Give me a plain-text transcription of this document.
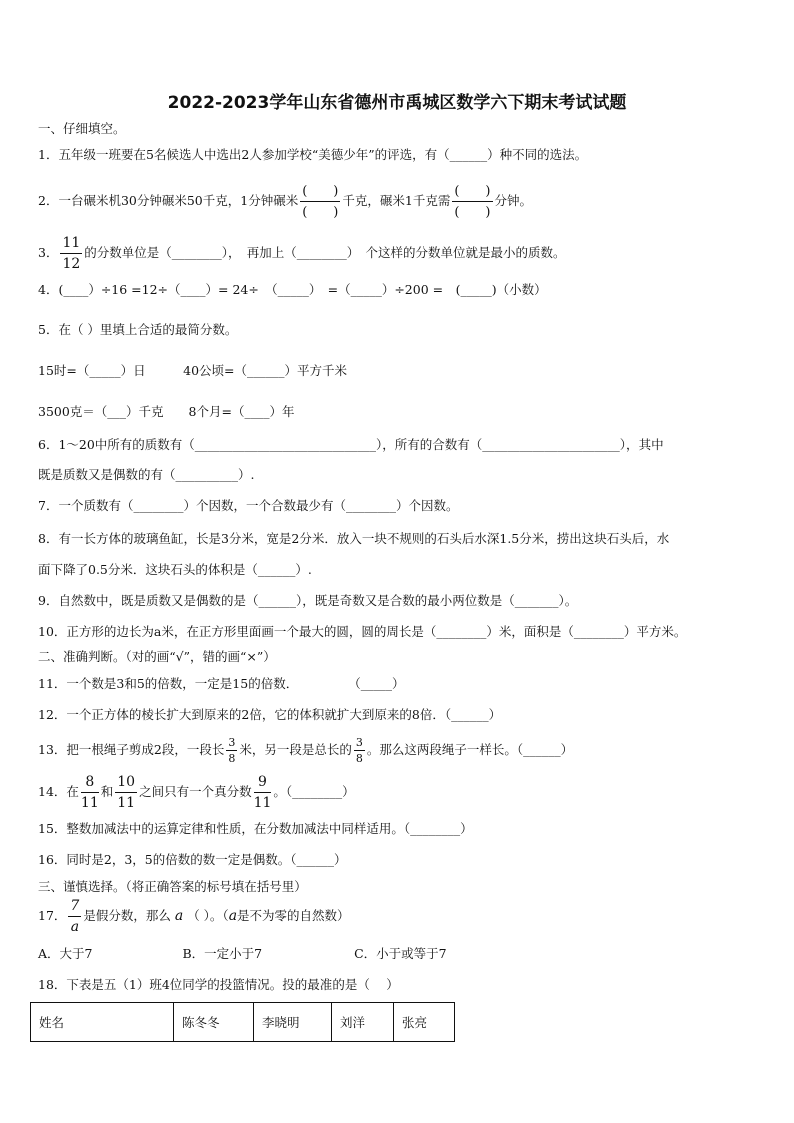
2022-2023学年山东省德州市禹城区数学六下期末考试试题
一、仔细填空。
1．五年级一班要在5名候选人中选出2人参加学校“美德少年”的评选，有（______）种不同的选法。
2．一台碾米机30分钟碾米50千克，1分钟碾米 $\frac{( )}{( )}$ 千克，碾米1千克需 $\frac{( )}{( )}$ 分钟。
3． $\frac{11}{12}$ 的分数单位是（________），　再加上（________）　个这样的分数单位就是最小的质数。
4．(____）÷16 =12÷（____）= 24÷　（_____）　=（_____）÷200 =　(_____)（小数）
5．在（ ）里填上合适的最简分数。
15时=（_____）日　　　40公顷=（______）平方千米
3500克＝（___）千克　　8个月=（____）年
6．1～20中所有的质数有（_____________________________），所有的合数有（______________________），其中
既是质数又是偶数的有（__________）.
7．一个质数有（________）个因数，一个合数最少有（________）个因数。
8．有一长方体的玻璃鱼缸，长是3分米，宽是2分米．放入一块不规则的石头后水深1.5分米，捞出这块石头后，水
面下降了0.5分米．这块石头的体积是（______）.
9．自然数中，既是质数又是偶数的是（______），既是奇数又是合数的最小两位数是（_______）。
10．正方形的边长为a米，在正方形里面画一个最大的圆，圆的周长是（________）米，面积是（________）平方米。
二、准确判断。（对的画“√”，错的画“×”）
11．一个数是3和5的倍数，一定是15的倍数．　　　　　（_____）
12．一个正方体的棱长扩大到原来的2倍，它的体积就扩大到原来的8倍．（______）
13．把一根绳子剪成2段，一段长 $\frac{3}{8}$ 米，另一段是总长的 $\frac{3}{8}$ 。那么这两段绳子一样长。（______）
14．在 $\frac{8}{11}$ 和 $\frac{10}{11}$ 之间只有一个真分数 $\frac{9}{11}$ 。（________）
15．整数加减法中的运算定律和性质，在分数加减法中同样适用。（________）
16．同时是2，3，5的倍数的数一定是偶数。（______）
三、谨慎选择。（将正确答案的标号填在括号里）
17． $\frac{7}{a}$ 是假分数，那么 a （ ）。（a是不为零的自然数）
A．大于7	B．一定小于7	C．小于或等于7
18．下表是五（1）班4位同学的投篮情况。投的最准的是（　 ）
姓名	陈冬冬	李晓明	刘洋	张亮
